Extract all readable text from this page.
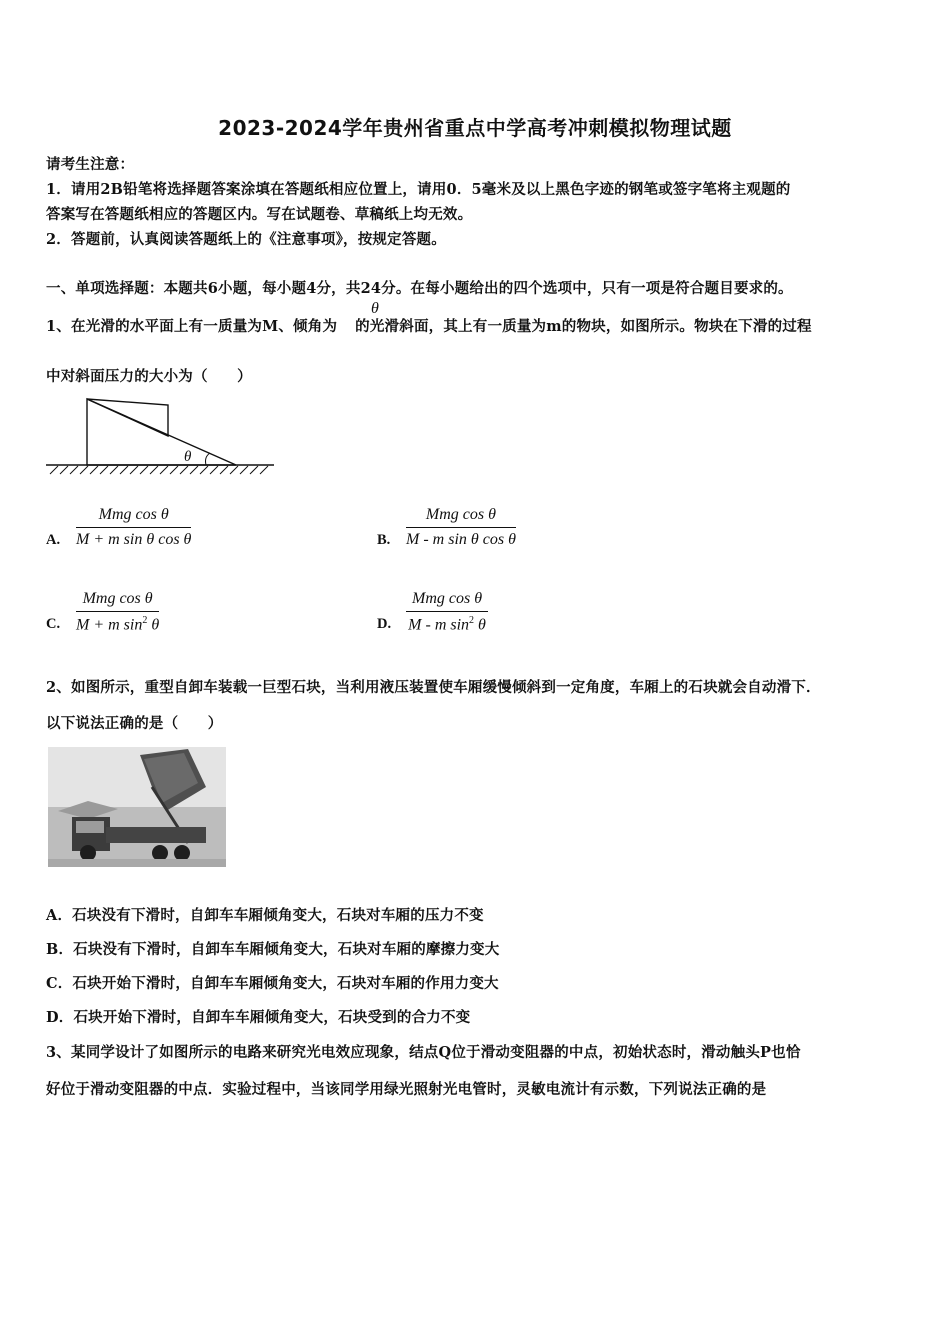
2023-2024学年贵州省重点中学高考冲刺模拟物理试题
请考生注意：
1．请用2B铅笔将选择题答案涂填在答题纸相应位置上，请用0．5毫米及以上黑色字迹的钢笔或签字笔将主观题的
答案写在答题纸相应的答题区内。写在试题卷、草稿纸上均无效。
2．答题前，认真阅读答题纸上的《注意事项》，按规定答题。
一、单项选择题：本题共6小题，每小题4分，共24分。在每小题给出的四个选项中，只有一项是符合题目要求的。
1、在光滑的水平面上有一质量为M、倾角为 的光滑斜面，其上有一质量为m的物块，如图所示。物块在下滑的过程
θ
中对斜面压力的大小为（　　）
θ
A.
Mmg cos θ
M + m sin θ cos θ	B.
Mmg cos θ
M - m sin θ cos θ
C.
Mmg cos θ
M + m $\sin^2 \theta$	D.
Mmg cos θ
M - m $\sin^2 \theta$
2、如图所示，重型自卸车装载一巨型石块，当利用液压装置使车厢缓慢倾斜到一定角度，车厢上的石块就会自动滑下．
以下说法正确的是（　　）
A．石块没有下滑时，自卸车车厢倾角变大，石块对车厢的压力不变
B．石块没有下滑时，自卸车车厢倾角变大，石块对车厢的摩擦力变大
C．石块开始下滑时，自卸车车厢倾角变大，石块对车厢的作用力变大
D．石块开始下滑时，自卸车车厢倾角变大，石块受到的合力不变
3、某同学设计了如图所示的电路来研究光电效应现象，结点Q位于滑动变阻器的中点，初始状态时，滑动触头P也恰
好位于滑动变阻器的中点．实验过程中，当该同学用绿光照射光电管时，灵敏电流计有示数，下列说法正确的是
